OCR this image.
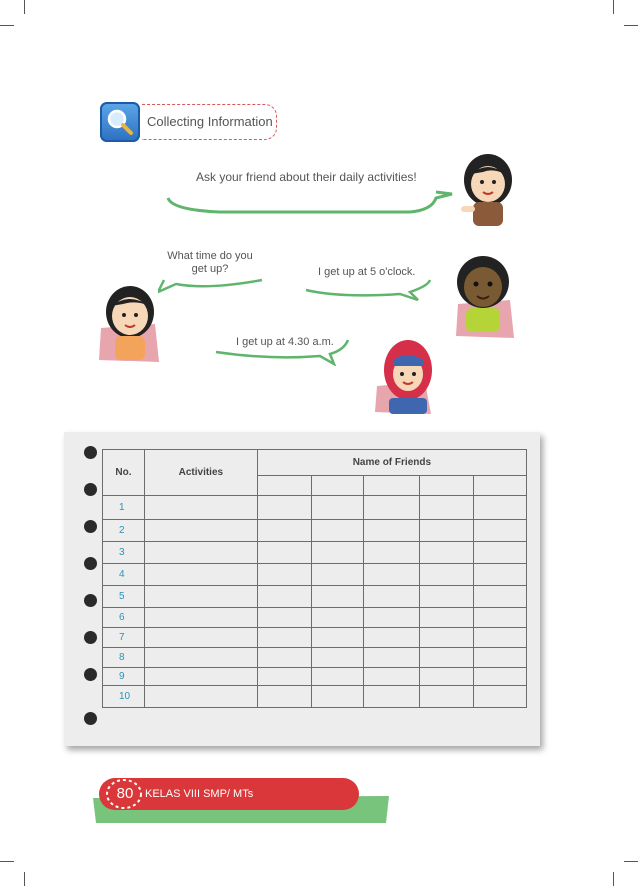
Collecting Information
Ask your friend about their daily activities!
What time do you
get up?	I get up at 5 o'clock.
I get up at 4.30 a.m.
No.	Activities	Name of Friends				

1						
2						
3						
4						
5						
6						
7						
8						
9						
10						
80	KELAS VIII SMP/ MTs
